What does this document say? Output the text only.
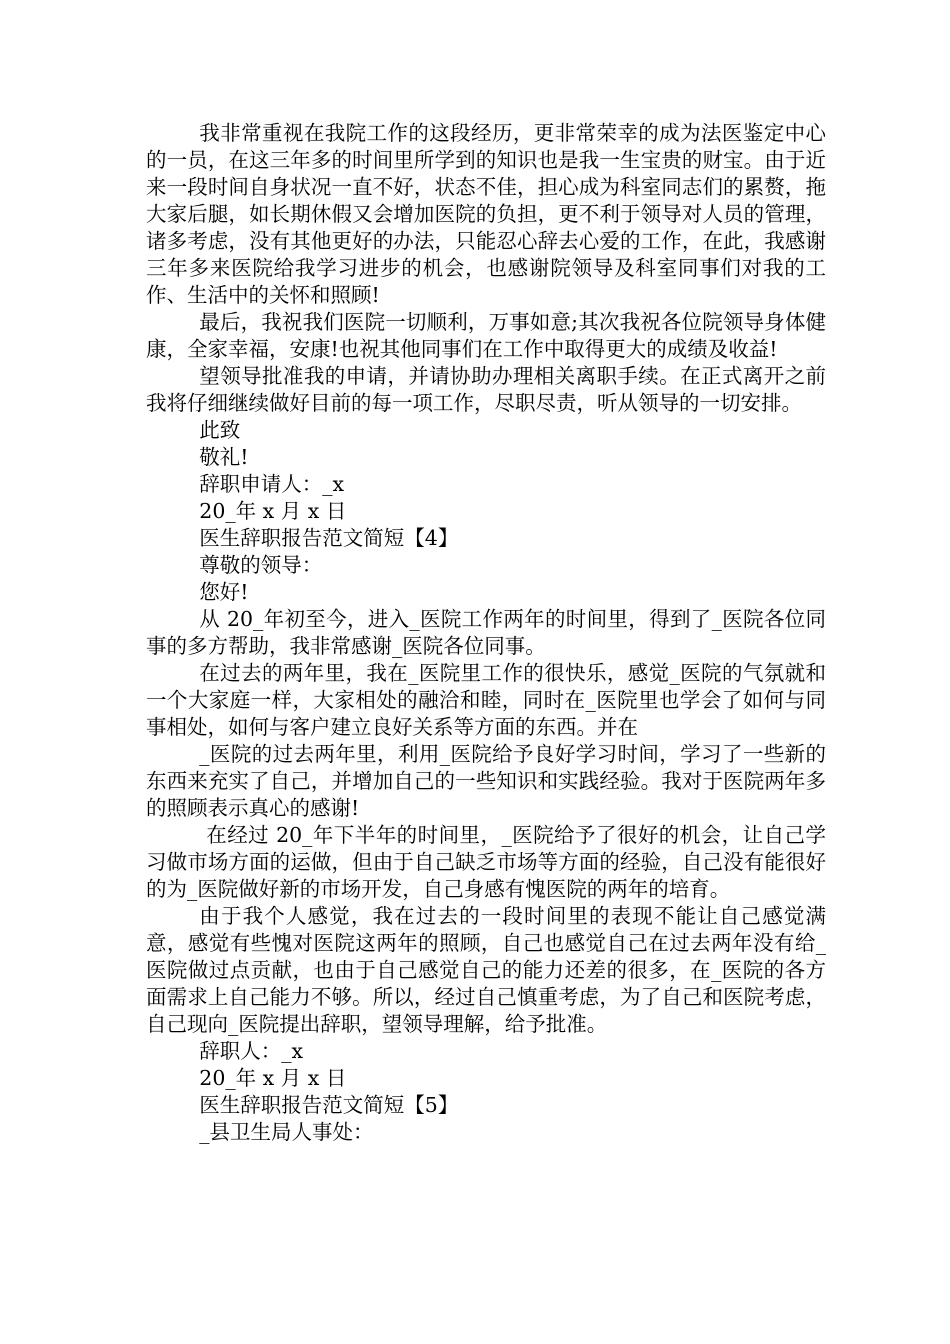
我非常重视在我院工作的这段经历，更非常荣幸的成为法医鉴定中心的一员，在这三年多的时间里所学到的知识也是我一生宝贵的财宝。由于近来一段时间自身状况一直不好，状态不佳，担心成为科室同志们的累赘，拖大家后腿，如长期休假又会增加医院的负担，更不利于领导对人员的管理，诸多考虑，没有其他更好的办法，只能忍心辞去心爱的工作，在此，我感谢三年多来医院给我学习进步的机会，也感谢院领导及科室同事们对我的工作、生活中的关怀和照顾!

最后，我祝我们医院一切顺利，万事如意;其次我祝各位院领导身体健康，全家幸福，安康!也祝其他同事们在工作中取得更大的成绩及收益!

望领导批准我的申请，并请协助办理相关离职手续。在正式离开之前我将仔细继续做好目前的每一项工作，尽职尽责，听从领导的一切安排。

此致

敬礼!

辞职申请人：_x

20_年 x 月 x 日

医生辞职报告范文简短【4】

尊敬的领导：

您好!

从 20_年初至今，进入_医院工作两年的时间里，得到了_医院各位同事的多方帮助，我非常感谢_医院各位同事。

在过去的两年里，我在_医院里工作的很快乐，感觉_医院的气氛就和一个大家庭一样，大家相处的融洽和睦，同时在_医院里也学会了如何与同事相处，如何与客户建立良好关系等方面的东西。并在

_医院的过去两年里，利用_医院给予良好学习时间，学习了一些新的东西来充实了自己，并增加自己的一些知识和实践经验。我对于医院两年多的照顾表示真心的感谢!

在经过 20_年下半年的时间里，_医院给予了很好的机会，让自己学习做市场方面的运做，但由于自己缺乏市场等方面的经验，自己没有能很好的为_医院做好新的市场开发，自己身感有愧医院的两年的培育。

由于我个人感觉，我在过去的一段时间里的表现不能让自己感觉满意，感觉有些愧对医院这两年的照顾，自己也感觉自己在过去两年没有给_医院做过点贡献，也由于自己感觉自己的能力还差的很多，在_医院的各方面需求上自己能力不够。所以，经过自己慎重考虑，为了自己和医院考虑，自己现向_医院提出辞职，望领导理解，给予批准。

辞职人：_x

20_年 x 月 x 日

医生辞职报告范文简短【5】

_县卫生局人事处：
